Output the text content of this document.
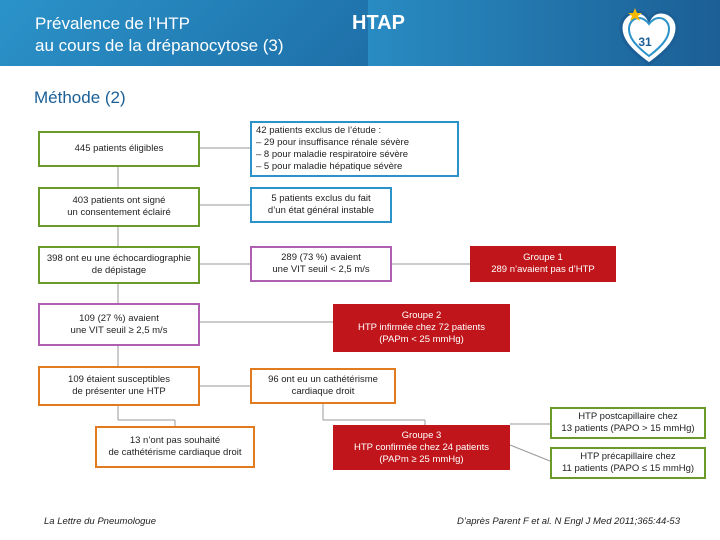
Prévalence de l’HTP
au cours de la drépanocytose (3)
HTAP
31
Méthode (2)
445 patients éligibles
403 patients ont signé
un consentement éclairé
398 ont eu une échocardiographie
de dépistage
109 (27 %) avaient
une VIT seuil ≥ 2,5 m/s
109 étaient susceptibles
de présenter une HTP
13 n’ont pas souhaité
de cathétérisme cardiaque droit
42 patients exclus de l’étude :
– 29 pour insuffisance rénale sévère
– 8 pour maladie respiratoire sévère
– 5 pour maladie hépatique sévère
5 patients exclus du fait
d’un état général instable
289 (73 %) avaient
une VIT seuil < 2,5 m/s
Groupe 2
HTP infirmée chez 72 patients
(PAPm < 25 mmHg)
96 ont eu un cathétérisme
cardiaque droit
Groupe 3
HTP confirmée chez 24 patients
(PAPm ≥ 25 mmHg)
Groupe 1
289 n’avaient pas d’HTP
HTP postcapillaire chez
13 patients (PAPO > 15 mmHg)
HTP précapillaire chez
11 patients (PAPO ≤ 15 mmHg)
La Lettre du Pneumologue	D’après Parent F et al. N Engl J Med 2011;365:44-53
